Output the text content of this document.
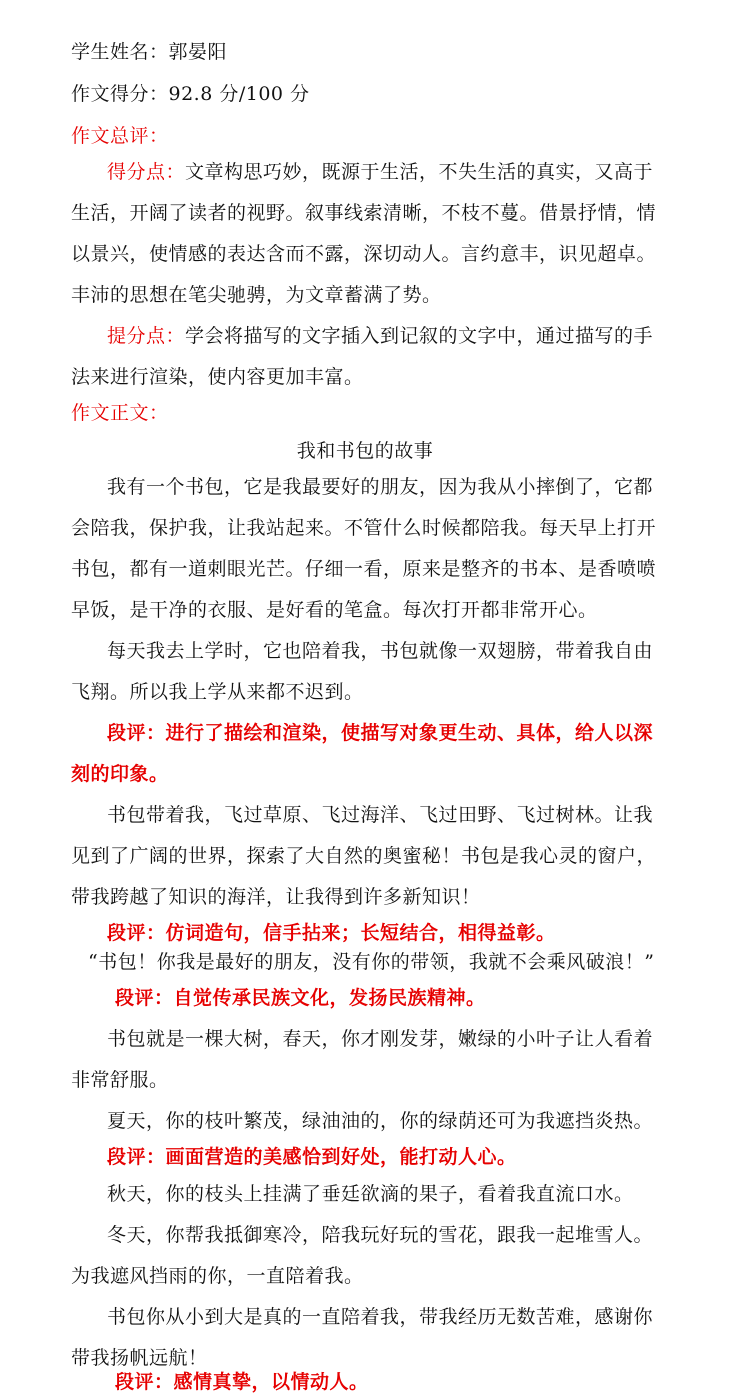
学生姓名：郭晏阳
作文得分：92.8 分/100 分
作文总评：
得分点：文章构思巧妙，既源于生活，不失生活的真实，又高于
生活，开阔了读者的视野。叙事线索清晰，不枝不蔓。借景抒情，情
以景兴，使情感的表达含而不露，深切动人。言约意丰，识见超卓。
丰沛的思想在笔尖驰骋，为文章蓄满了势。
提分点：学会将描写的文字插入到记叙的文字中，通过描写的手
法来进行渲染，使内容更加丰富。
作文正文：
我和书包的故事
我有一个书包，它是我最要好的朋友，因为我从小摔倒了，它都
会陪我，保护我，让我站起来。不管什么时候都陪我。每天早上打开
书包，都有一道刺眼光芒。仔细一看，原来是整齐的书本、是香喷喷
早饭，是干净的衣服、是好看的笔盒。每次打开都非常开心。
每天我去上学时，它也陪着我，书包就像一双翅膀，带着我自由
飞翔。所以我上学从来都不迟到。
段评：进行了描绘和渲染，使描写对象更生动、具体，给人以深
刻的印象。
书包带着我，飞过草原、飞过海洋、飞过田野、飞过树林。让我
见到了广阔的世界，探索了大自然的奥蜜秘！书包是我心灵的窗户，
带我跨越了知识的海洋，让我得到许多新知识！
段评：仿词造句，信手拈来；长短结合，相得益彰。
“书包！你我是最好的朋友，没有你的带领，我就不会乘风破浪！”
段评：自觉传承民族文化，发扬民族精神。
书包就是一棵大树，春天，你才刚发芽，嫩绿的小叶子让人看着
非常舒服。
夏天，你的枝叶繁茂，绿油油的，你的绿荫还可为我遮挡炎热。
段评：画面营造的美感恰到好处，能打动人心。
秋天，你的枝头上挂满了垂廷欲滴的果子，看着我直流口水。
冬天，你帮我抵御寒冷，陪我玩好玩的雪花，跟我一起堆雪人。
为我遮风挡雨的你，一直陪着我。
书包你从小到大是真的一直陪着我，带我经历无数苦难，感谢你
带我扬帆远航！
段评：感情真挚，以情动人。
